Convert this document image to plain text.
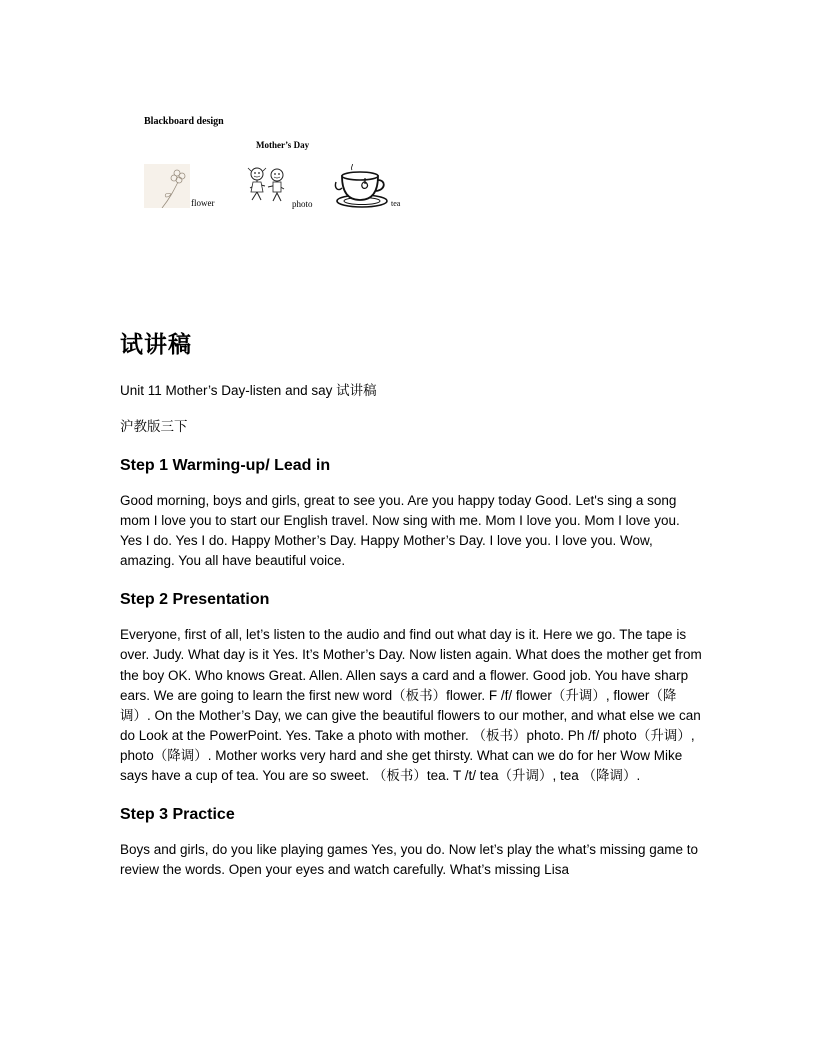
Blackboard design
Mother’s Day
flower	photo	tea
试讲稿

Unit 11 Mother’s Day-listen and say 试讲稿

沪教版三下

Step 1 Warming-up/ Lead in

Good morning, boys and girls, great to see you. Are you happy today Good. Let's sing a song mom I love you to start our English travel. Now sing with me. Mom I love you. Mom I love you. Yes I do. Yes I do. Happy Mother’s Day. Happy Mother’s Day. I love you. I love you. Wow, amazing. You all have beautiful voice.

Step 2 Presentation

Everyone, first of all, let’s listen to the audio and find out what day is it. Here we go. The tape is over. Judy. What day is it Yes. It’s Mother’s Day. Now listen again. What does the mother get from the boy OK. Who knows Great. Allen. Allen says a card and a flower. Good job. You have sharp ears. We are going to learn the first new word（板书）flower. F /f/ flower（升调）, flower（降调）. On the Mother’s Day, we can give the beautiful flowers to our mother, and what else we can do Look at the PowerPoint. Yes. Take a photo with mother. （板书）photo. Ph /f/ photo（升调）, photo（降调）. Mother works very hard and she get thirsty. What can we do for her Wow Mike says have a cup of tea. You are so sweet. （板书）tea. T /t/ tea（升调）, tea （降调）.

Step 3 Practice

Boys and girls, do you like playing games Yes, you do. Now let’s play the what’s missing game to review the words. Open your eyes and watch carefully. What’s missing Lisa
